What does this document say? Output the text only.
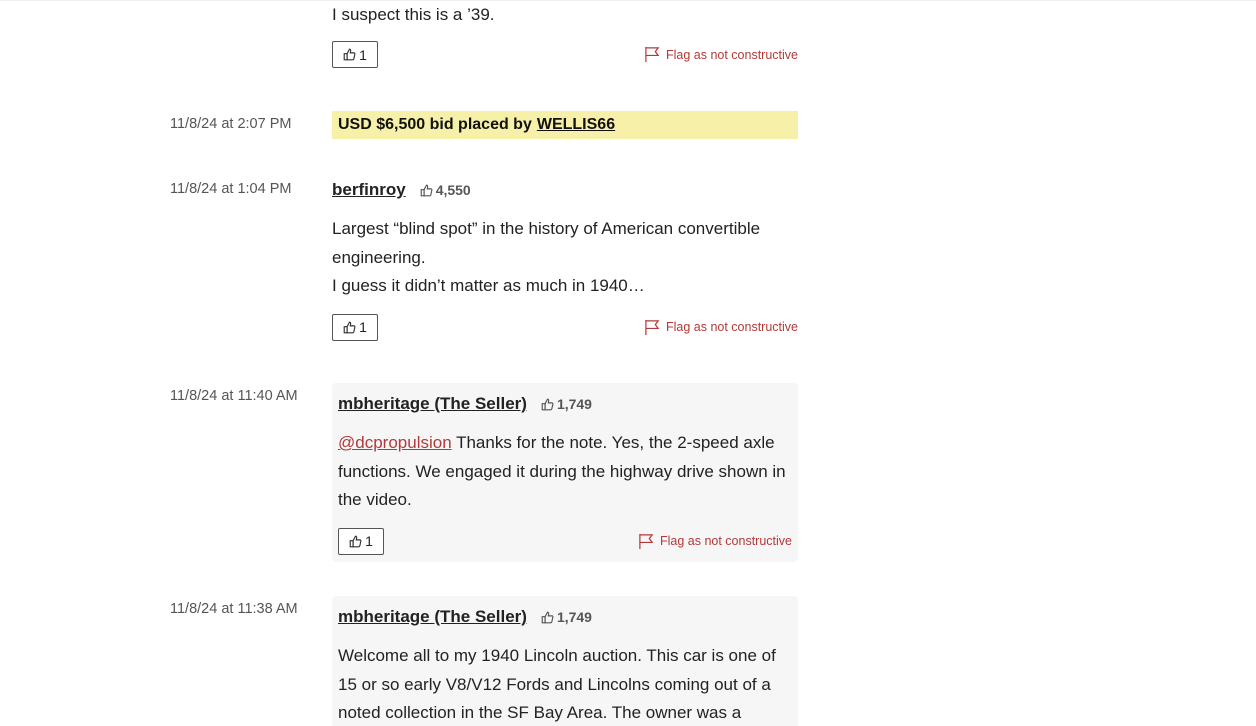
I suspect this is a ’39.
1	Flag as not constructive
11/8/24 at 2:07 PM	USD $6,500 bid placed by WELLIS66
11/8/24 at 1:04 PM berfinroy 4,550
Largest “blind spot” in the history of American convertible
engineering.
I guess it didn’t matter as much in 1940…
1	Flag as not constructive
11/8/24 at 11:40 AM mbheritage (The Seller) 1,749
@dcpropulsion Thanks for the note. Yes, the 2-speed axle
functions. We engaged it during the highway drive shown in
the video.
1	Flag as not constructive
11/8/24 at 11:38 AM mbheritage (The Seller) 1,749
Welcome all to my 1940 Lincoln auction. This car is one of
15 or so early V8/V12 Fords and Lincolns coming out of a
noted collection in the SF Bay Area. The owner was a
